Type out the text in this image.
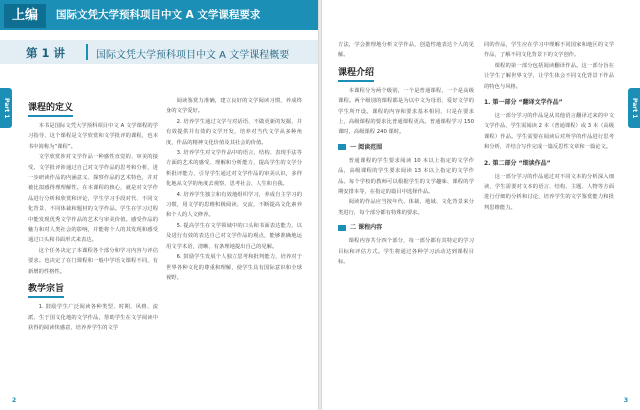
上编	国际文凭大学预科项目中文 A 文学课程要求
第 1 讲	国际文凭大学预科项目中文 A 文学课程概要
Part 1 课程的定义

本书是国际文凭大学预科项目中文 A 文学课程的学习指导，这个课程是文学欣赏和文学批评的课程，也本书中简称为“课程”。

文学欣赏涉对文学作品一种感性直觉的、审美的接受。文学批评涉通过自己对文学作品的思考和分析，进一步研读作品的内涵意义、探察作品的艺术特色，并对被比拟感得理理解性。在本课程的核心，就是对文学作品进行分析和欣赏和评论，学生学习手段对代、不同文化背景、不同体裁和题材的文学作品。学生在学习过程中能发现优秀文学作品的艺术与审美价值。感受作品的魅力和对人类社会的影响，并能将个人的其发现和感受通过口头和书面形式来表达。

这个任务决定了本课程各个部分和学习内容与评估要求。也决定了在门课程和一般中学语文课程不同，有新增的性格性。

教学宗旨

1. 鼓励学生广泛阅读各种类型、时期、风格、流派、生于国文化地的文学作品，帮助学生在文学阅读中获得的阅读快感意，培养养学生的文学

阅读鉴赏力准确，建立良好的文学阅读习惯，养成终身的文学爱好。

2. 培养学生通过文学与对话语、不做更新的发掘，并有效提供并有效的文学开发，培养对当代文学从多种角度，作品的精神文化价值及其社会的价值。

3. 培养学生对文学作品中的语言、结构、表现手法等方面的艺术的感受、理解和分析能力，提高学生的文学分析批评能力，引导学生通过对文学作品的审美认识，多样化地从文学的角度去观察、思考社会、人生和自我。

4. 培养学生独立和有效地组织学习，养成自主学习的习惯，用文学的思维积极阅读、交流，不断提高文化素养和个人的人文修养。

5. 提高学生在文学领域中的口头和书面表达能力，以及进行有效的表达自己对文学作品的观点，能够准确地运用文学术语，清晰、有条理地提出自己的见解。

6. 鼓励学生发展个人独立思考和批判能力，培养对于世界各种文化的尊重和理解，使学生具有国际意识和全球视野。

2

方法，学会推理地分析文学作品，创造性地表达个人的见解。

课程介绍

本课程分为两个级别，一个是普通课程，一个是高级课程。两个级别的课程都是为以中文为母语、爱好文学的学生所开设。课程的内容和要求基本相同，只是在要求上，高级课程的要求比普通课程更高。普通课程学习 150 课时，高级课程 240 课时。

一 阅读范围

普通课程的学生要求阅读 10 本以上指定的文学作品，高级课程的学生要求阅读 13 本以上指定的文学作品。每个学校的教师可以根据学生的文学趣味、课程的学期安排本等，在指定的篇目中选择作品。

阅读的作品应当按年代、体裁、地域、文化背景来分类进行，每个部分都有特殊的要求。

二 课程内容

课程内容共分四个部分，每一部分都有其特定的学习目标和评估方式。学生将通过各种学习活动达到课程目标。

同的作品，学生应在学习中理解不同国家和地区的文学作品，了解不同文化背景下的文学创作。

课程的第一部分包括阅读翻译作品。这一部分旨在让学生了解世界文学，让学生体会不同文化背景下作品的特色与风格。

1. 第一部分 “翻译文学作品”

这一部分学习的作品是从其他语言翻译过来的中文文学作品，学生需阅读 2 本（普通课程）或 3 本（高级课程）作品。学生需要在阅读后对所学的作品进行思考和分析，并结合写作完成一篇反思性文章和一篇论文。

2. 第二部分 “细读作品”

这一部分学习的作品通过对不同文本的分析深入细读，学生需要对文本的语言、结构、主题、人物等方面进行仔细的分析和讨论，培养学生的文学鉴赏能力和批判思维能力。

Part 1
3
